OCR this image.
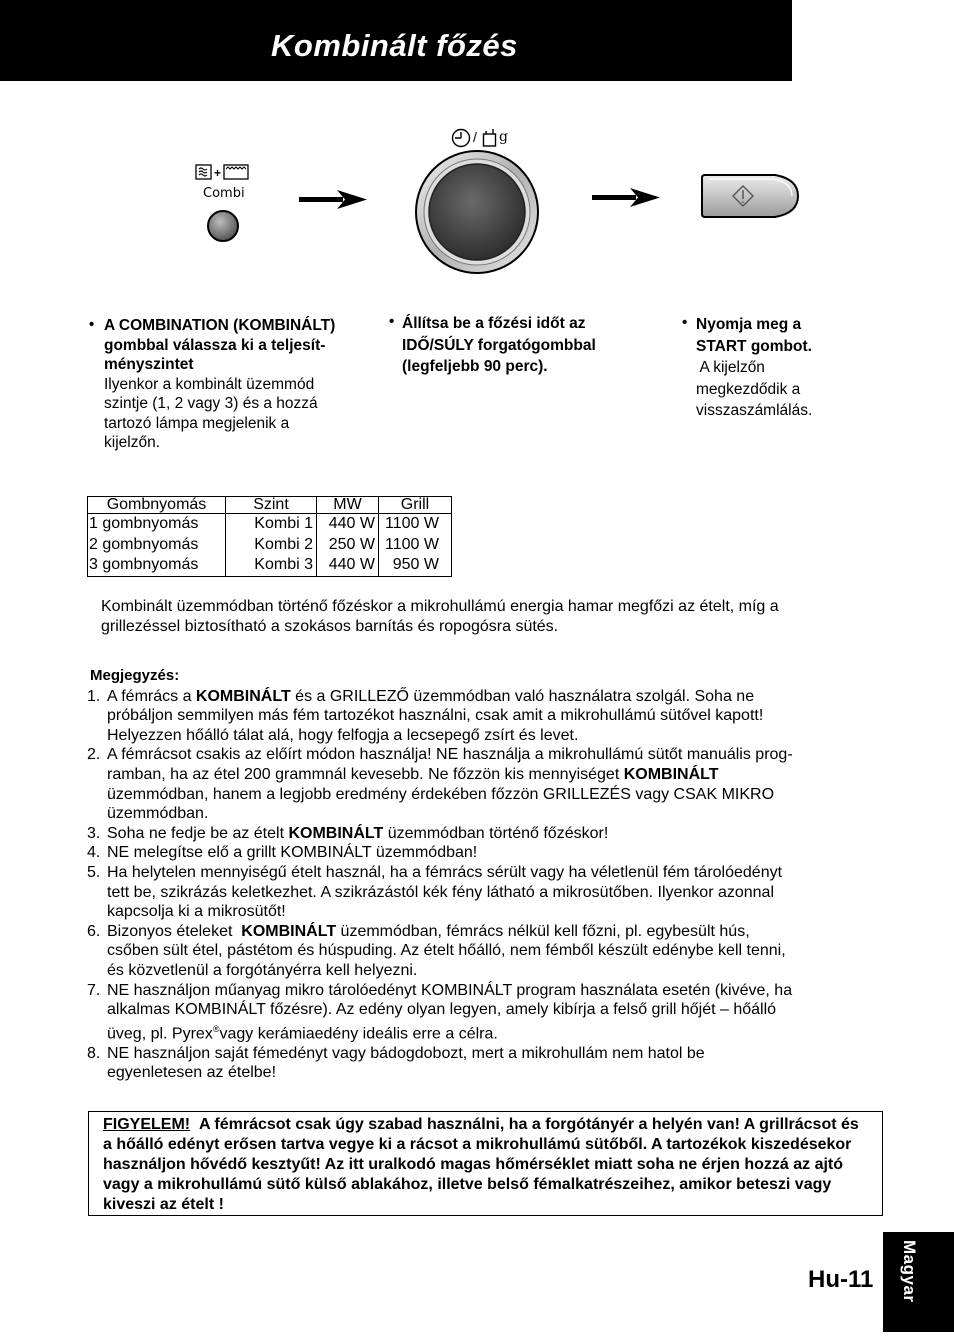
Kombinált főzés
+
Combi
/ g
• A COMBINATION (KOMBINÁLT)
gombbal válassza ki a teljesít-
ményszintet
Ilyenkor a kombinált üzemmód
szintje (1, 2 vagy 3) és a hozzá
tartozó lámpa megjelenik a
kijelzőn.
• Állítsa be a főzési időt az
IDŐ/SÚLY forgatógombbal
(legfeljebb 90 perc).
• Nyomja meg a
START gombot.
A kijelzőn
megkezdődik a
visszaszámlálás.
Gombnyomás	Szint	MW	Grill
1 gombnyomás	Kombi 1	440 W	1100 W
2 gombnyomás	Kombi 2	250 W	1100 W
3 gombnyomás	Kombi 3	440 W	950 W
Kombinált üzemmódban történő főzéskor a mikrohullámú energia hamar megfőzi az ételt, míg a
grillezéssel biztosítható a szokásos barnítás és ropogósra sütés.
Megjegyzés:
1. A fémrács a KOMBINÁLT és a GRILLEZŐ üzemmódban való használatra szolgál. Soha ne
próbáljon semmilyen más fém tartozékot használni, csak amit a mikrohullámú sütővel kapott!
Helyezzen hőálló tálat alá, hogy felfogja a lecsepegő zsírt és levet.
2. A fémrácsot csakis az előírt módon használja! NE használja a mikrohullámú sütőt manuális prog-
ramban, ha az étel 200 grammnál kevesebb. Ne főzzön kis mennyiséget KOMBINÁLT
üzemmódban, hanem a legjobb eredmény érdekében főzzön GRILLEZÉS vagy CSAK MIKRO
üzemmódban.
3. Soha ne fedje be az ételt KOMBINÁLT üzemmódban történő főzéskor!
4. NE melegítse elő a grillt KOMBINÁLT üzemmódban!
5. Ha helytelen mennyiségű ételt használ, ha a fémrács sérült vagy ha véletlenül fém tárolóedényt
tett be, szikrázás keletkezhet. A szikrázástól kék fény látható a mikrosütőben. Ilyenkor azonnal
kapcsolja ki a mikrosütőt!
6. Bizonyos ételeket  KOMBINÁLT üzemmódban, fémrács nélkül kell főzni, pl. egybesült hús,
csőben sült étel, pástétom és húspuding. Az ételt hőálló, nem fémből készült edénybe kell tenni,
és közvetlenül a forgótányérra kell helyezni.
7. NE használjon műanyag mikro tárolóedényt KOMBINÁLT program használata esetén (kivéve, ha
alkalmas KOMBINÁLT főzésre). Az edény olyan legyen, amely kibírja a felső grill hőjét – hőálló
üveg, pl. Pyrex®vagy kerámiaedény ideális erre a célra.
8. NE használjon saját fémedényt vagy bádogdobozt, mert a mikrohullám nem hatol be
egyenletesen az ételbe!
FIGYELEM! A fémrácsot csak úgy szabad használni, ha a forgótányér a helyén van! A grillrácsot és a hőálló edényt erősen tartva vegye ki a rácsot a mikrohullámú sütőből. A tartozékok kiszedésekor használjon hővédő kesztyűt! Az itt uralkodó magas hőmérséklet miatt soha ne érjen hozzá az ajtó vagy a mikrohullámú sütő külső ablakához, illetve belső fémalkatrészeihez, amikor beteszi vagy kiveszi az ételt !
Magyar
Hu-11
